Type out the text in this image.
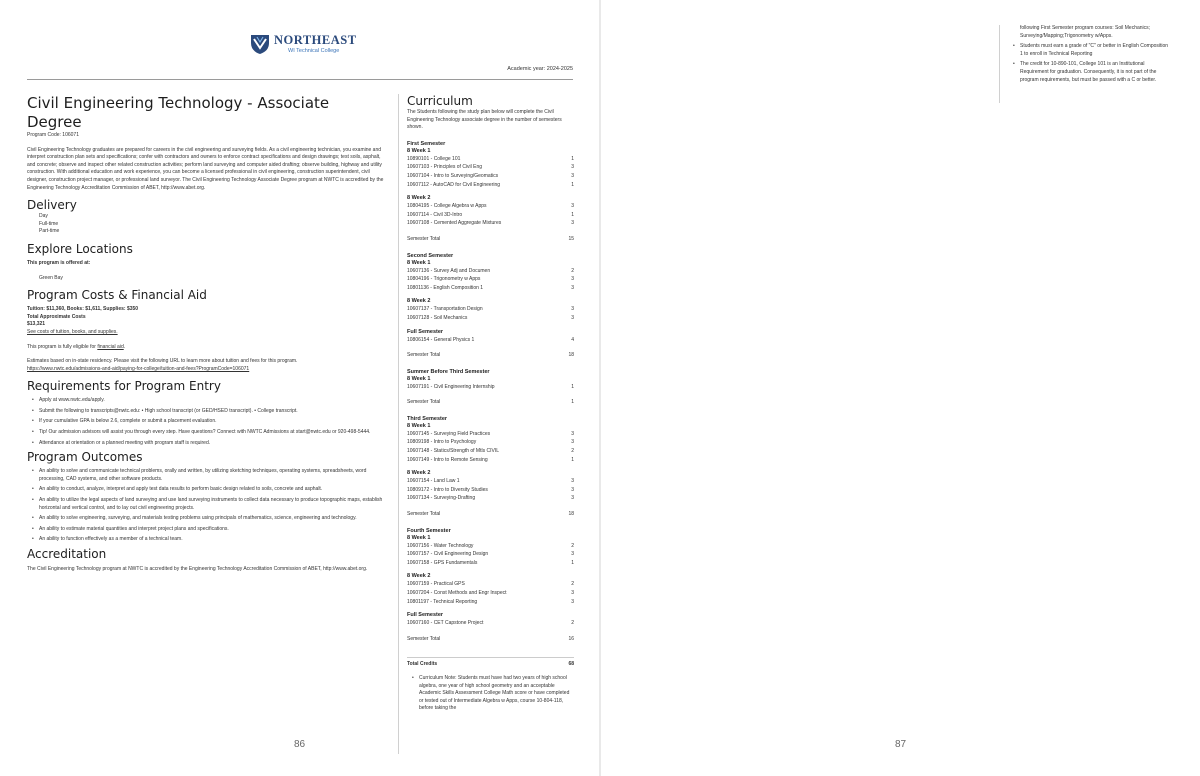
NORTHEAST
WI Technical College
Academic year: 2024-2025
Civil Engineering Technology - Associate Degree
Program Code: 106071

Civil Engineering Technology graduates are prepared for careers in the civil engineering and surveying fields. As a civil engineering technician, you examine and interpret construction plan sets and specifications; confer with contractors and owners to enforce contract specifications and design drawings; test soils, asphalt, and concrete; observe and inspect other related construction activities; perform land surveying and computer aided drafting; observe building, highway and utility construction. With additional education and work experience, you can become a licensed professional in civil engineering, construction superintendent, civil designer, construction project manager, or professional land surveyor. The Civil Engineering Technology Associate Degree program at NWTC is accredited by the Engineering Technology Accreditation Commission of ABET, http://www.abet.org.

Delivery
Day
Full-time
Part-time
Explore Locations
This program is offered at:
Green Bay
Program Costs & Financial Aid
Tuition: $11,360, Books: $1,611, Supplies: $350
Total Approximate Costs
$13,321
See costs of tuition, books, and supplies.
This program is fully eligible for financial aid.
Estimates based on in-state residency. Please visit the following URL to learn more about tuition and fees for this program.
https://www.nwtc.edu/admissions-and-aid/paying-for-college/tuition-and-fees?ProgramCode=106071
Requirements for Program Entry
• Apply at www.nwtc.edu/apply.
• Submit the following to transcripts@nwtc.edu: • High school transcript (or GED/HSED transcript). • College transcript.
• If your cumulative GPA is below 2.6, complete or submit a placement evaluation.
• Tip! Our admission advisors will assist you through every step. Have questions? Connect with NWTC Admissions at start@nwtc.edu or 920-498-5444.
• Attendance at orientation or a planned meeting with program staff is required.
Program Outcomes
• An ability to solve and communicate technical problems, orally and written, by utilizing sketching techniques, operating systems, spreadsheets, word processing, CAD systems, and other software products.
• An ability to conduct, analyze, interpret and apply test data results to perform basic design related to soils, concrete and asphalt.
• An ability to utilize the legal aspects of land surveying and use land surveying instruments to collect data necessary to produce topographic maps, establish horizontal and vertical control, and to lay out civil engineering projects.
• An ability to solve engineering, surveying, and materials testing problems using principals of mathematics, science, engineering and technology.
• An ability to estimate material quantities and interpret project plans and specifications.
• An ability to function effectively as a member of a technical team.
Accreditation

The Civil Engineering Technology program at NWTC is accredited by the Engineering Technology Accreditation Commission of ABET, http://www.abet.org.

Curriculum

The Students following the study plan below will complete the Civil Engineering Technology associate degree in the number of semesters shown.

First Semester
8 Week 1
10890101 - College 101	1
10607103 - Principles of Civil Eng	3
10607104 - Intro to Surveying/Geomatics	3
10607112 - AutoCAD for Civil Engineering	1
8 Week 2
10804195 - College Algebra w Apps	3
10607114 - Civil 3D-Intro	1
10607108 - Cemented Aggregate Mixtures	3
Semester Total	15
Second Semester
8 Week 1
10607136 - Survey Adj and Documen	2
10804196 - Trigonometry w Apps	3
10801136 - English Composition 1	3
8 Week 2
10607137 - Transportation Design	3
10607128 - Soil Mechanics	3
Full Semester
10806154 - General Physics 1	4
Semester Total	18
Summer Before Third Semester
8 Week 1
10607191 - Civil Engineering Internship	1
Semester Total	1
Third Semester
8 Week 1
10607145 - Surveying Field Practices	3
10809198 - Intro to Psychology	3
10607148 - Statics/Strength of Mtls CIVIL	2
10607149 - Intro to Remote Sensing	1
8 Week 2
10607154 - Land Law 1	3
10809172 - Intro to Diversity Studies	3
10607134 - Surveying-Drafting	3
Semester Total	18
Fourth Semester
8 Week 1
10607156 - Water Technology	2
10607157 - Civil Engineering Design	3
10607158 - GPS Fundamentals	1
8 Week 2
10607159 - Practical GPS	2
10607204 - Const Methods and Engr Inspect	3
10801197 - Technical Reporting	3
Full Semester
10607160 - CET Capstone Project	2
Semester Total	16
Total Credits	68
• Curriculum Note: Students must have had two years of high school algebra, one year of high school geometry and an acceptable Academic Skills Assessment College Math score or have completed or tested out of Intermediate Algebra w Apps, course 10-804-118, before taking the
86
following First Semester program courses: Soil Mechanics; Surveying/Mapping;Trigonometry w/Apps.
• Students must earn a grade of "C" or better in English Composition 1 to enroll in Technical Reporting
• The credit for 10-890-101, College 101 is an Institutional Requirement for graduation. Consequently, it is not part of the program requirements, but must be passed with a C or better.
87
